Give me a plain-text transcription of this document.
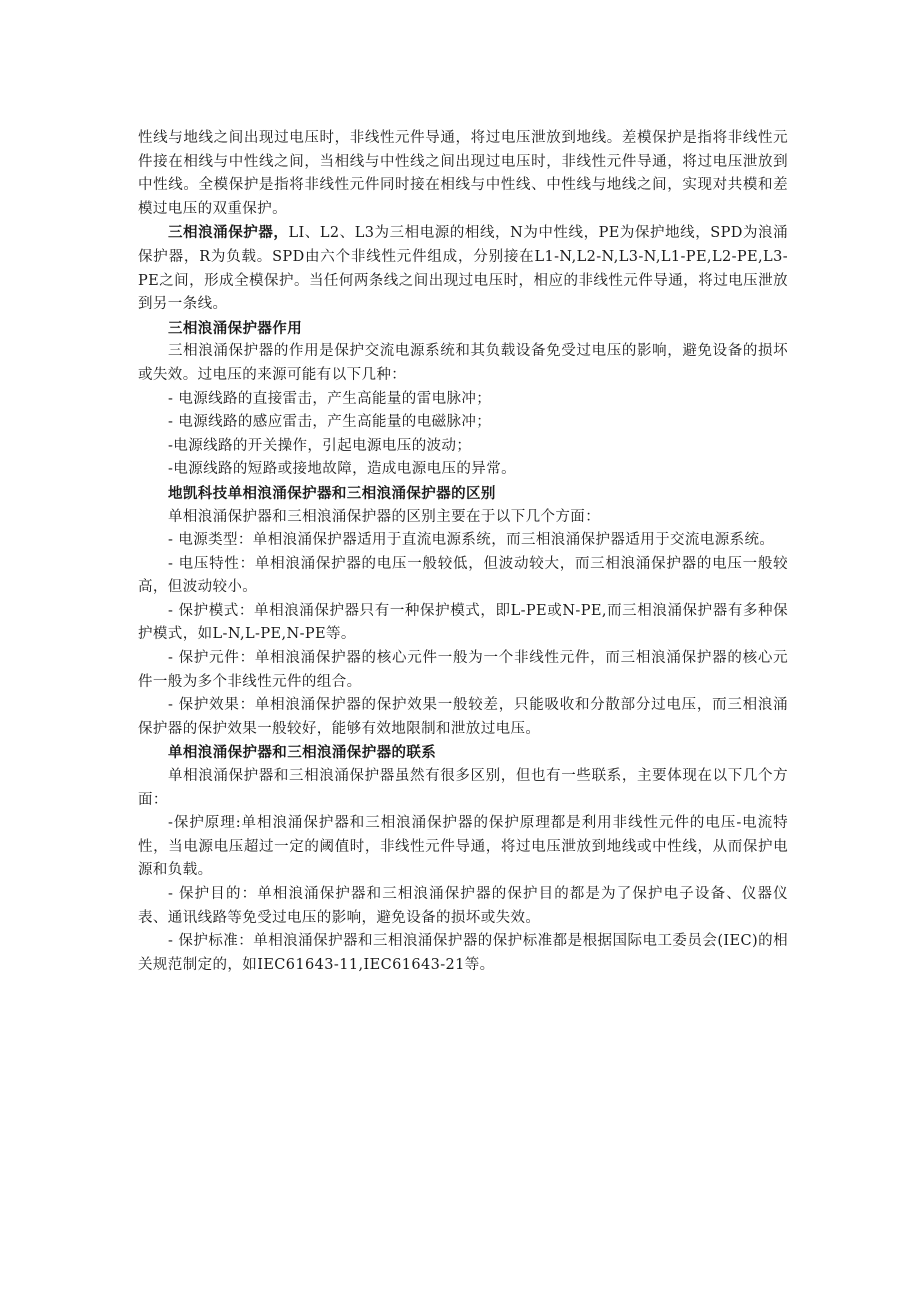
性线与地线之间出现过电压时，非线性元件导通，将过电压泄放到地线。差模保护是指将非线性元件接在相线与中性线之间，当相线与中性线之间出现过电压时，非线性元件导通，将过电压泄放到中性线。全模保护是指将非线性元件同时接在相线与中性线、中性线与地线之间，实现对共模和差模过电压的双重保护。

三相浪涌保护器，LI、L2、L3为三相电源的相线，N为中性线，PE为保护地线，SPD为浪涌保护器，R为负载。SPD由六个非线性元件组成，分别接在L1-N,L2-N,L3-N,L1-PE,L2-PE,L3-PE之间，形成全模保护。当任何两条线之间出现过电压时，相应的非线性元件导通，将过电压泄放到另一条线。

三相浪涌保护器作用

三相浪涌保护器的作用是保护交流电源系统和其负载设备免受过电压的影响，避免设备的损坏或失效。过电压的来源可能有以下几种：

- 电源线路的直接雷击，产生高能量的雷电脉冲；

- 电源线路的感应雷击，产生高能量的电磁脉冲；

-电源线路的开关操作，引起电源电压的波动；

-电源线路的短路或接地故障，造成电源电压的异常。

地凯科技单相浪涌保护器和三相浪涌保护器的区别

单相浪涌保护器和三相浪涌保护器的区别主要在于以下几个方面：

- 电源类型：单相浪涌保护器适用于直流电源系统，而三相浪涌保护器适用于交流电源系统。

- 电压特性：单相浪涌保护器的电压一般较低，但波动较大，而三相浪涌保护器的电压一般较高，但波动较小。

- 保护模式：单相浪涌保护器只有一种保护模式，即L-PE或N-PE,而三相浪涌保护器有多种保护模式，如L-N,L-PE,N-PE等。

- 保护元件：单相浪涌保护器的核心元件一般为一个非线性元件，而三相浪涌保护器的核心元件一般为多个非线性元件的组合。

- 保护效果：单相浪涌保护器的保护效果一般较差，只能吸收和分散部分过电压，而三相浪涌保护器的保护效果一般较好，能够有效地限制和泄放过电压。

单相浪涌保护器和三相浪涌保护器的联系

单相浪涌保护器和三相浪涌保护器虽然有很多区别，但也有一些联系，主要体现在以下几个方面：

-保护原理:单相浪涌保护器和三相浪涌保护器的保护原理都是利用非线性元件的电压-电流特性，当电源电压超过一定的阈值时，非线性元件导通，将过电压泄放到地线或中性线，从而保护电源和负载。

- 保护目的：单相浪涌保护器和三相浪涌保护器的保护目的都是为了保护电子设备、仪器仪表、通讯线路等免受过电压的影响，避免设备的损坏或失效。

- 保护标准：单相浪涌保护器和三相浪涌保护器的保护标准都是根据国际电工委员会(IEC)的相关规范制定的，如IEC61643-11,IEC61643-21等。
